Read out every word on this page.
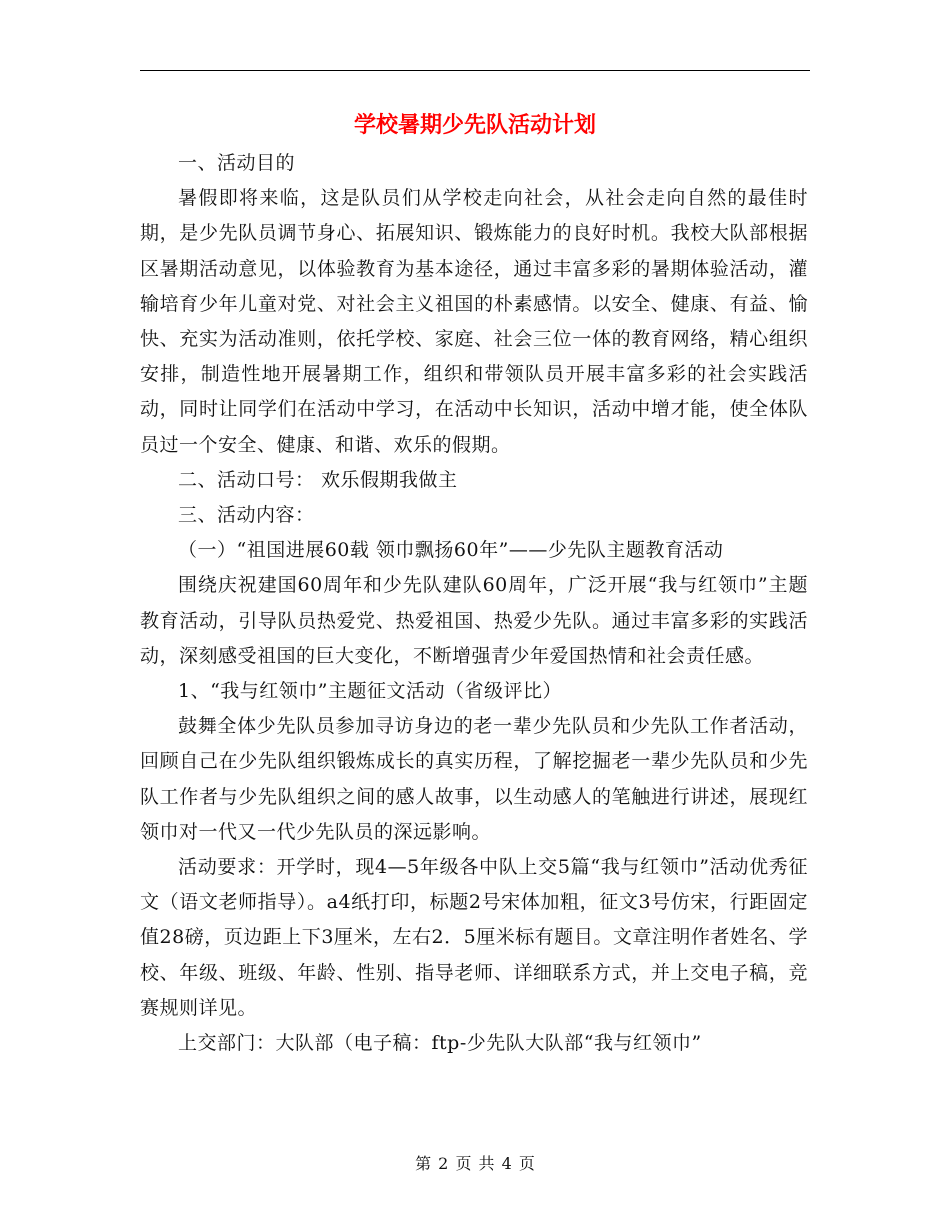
学校暑期少先队活动计划

一、活动目的

暑假即将来临，这是队员们从学校走向社会，从社会走向自然的最佳时期，是少先队员调节身心、拓展知识、锻炼能力的良好时机。我校大队部根据区暑期活动意见，以体验教育为基本途径，通过丰富多彩的暑期体验活动，灌输培育少年儿童对党、对社会主义祖国的朴素感情。以安全、健康、有益、愉快、充实为活动准则，依托学校、家庭、社会三位一体的教育网络，精心组织安排，制造性地开展暑期工作，组织和带领队员开展丰富多彩的社会实践活动，同时让同学们在活动中学习，在活动中长知识，活动中增才能，使全体队员过一个安全、健康、和谐、欢乐的假期。

二、活动口号： 欢乐假期我做主

三、活动内容：

（一）“祖国进展60载 领巾飘扬60年”——少先队主题教育活动

围绕庆祝建国60周年和少先队建队60周年，广泛开展“我与红领巾”主题教育活动，引导队员热爱党、热爱祖国、热爱少先队。通过丰富多彩的实践活动，深刻感受祖国的巨大变化，不断增强青少年爱国热情和社会责任感。

1、“我与红领巾”主题征文活动（省级评比）

鼓舞全体少先队员参加寻访身边的老一辈少先队员和少先队工作者活动，回顾自己在少先队组织锻炼成长的真实历程，了解挖掘老一辈少先队员和少先队工作者与少先队组织之间的感人故事，以生动感人的笔触进行讲述，展现红领巾对一代又一代少先队员的深远影响。

活动要求：开学时，现4—5年级各中队上交5篇“我与红领巾”活动优秀征文（语文老师指导）。a4纸打印，标题2号宋体加粗，征文3号仿宋，行距固定值28磅，页边距上下3厘米，左右2．5厘米标有题目。文章注明作者姓名、学校、年级、班级、年龄、性别、指导老师、详细联系方式，并上交电子稿，竞赛规则详见。

上交部门：大队部（电子稿：ftp-少先队大队部“我与红领巾”

第 2 页 共 4 页
